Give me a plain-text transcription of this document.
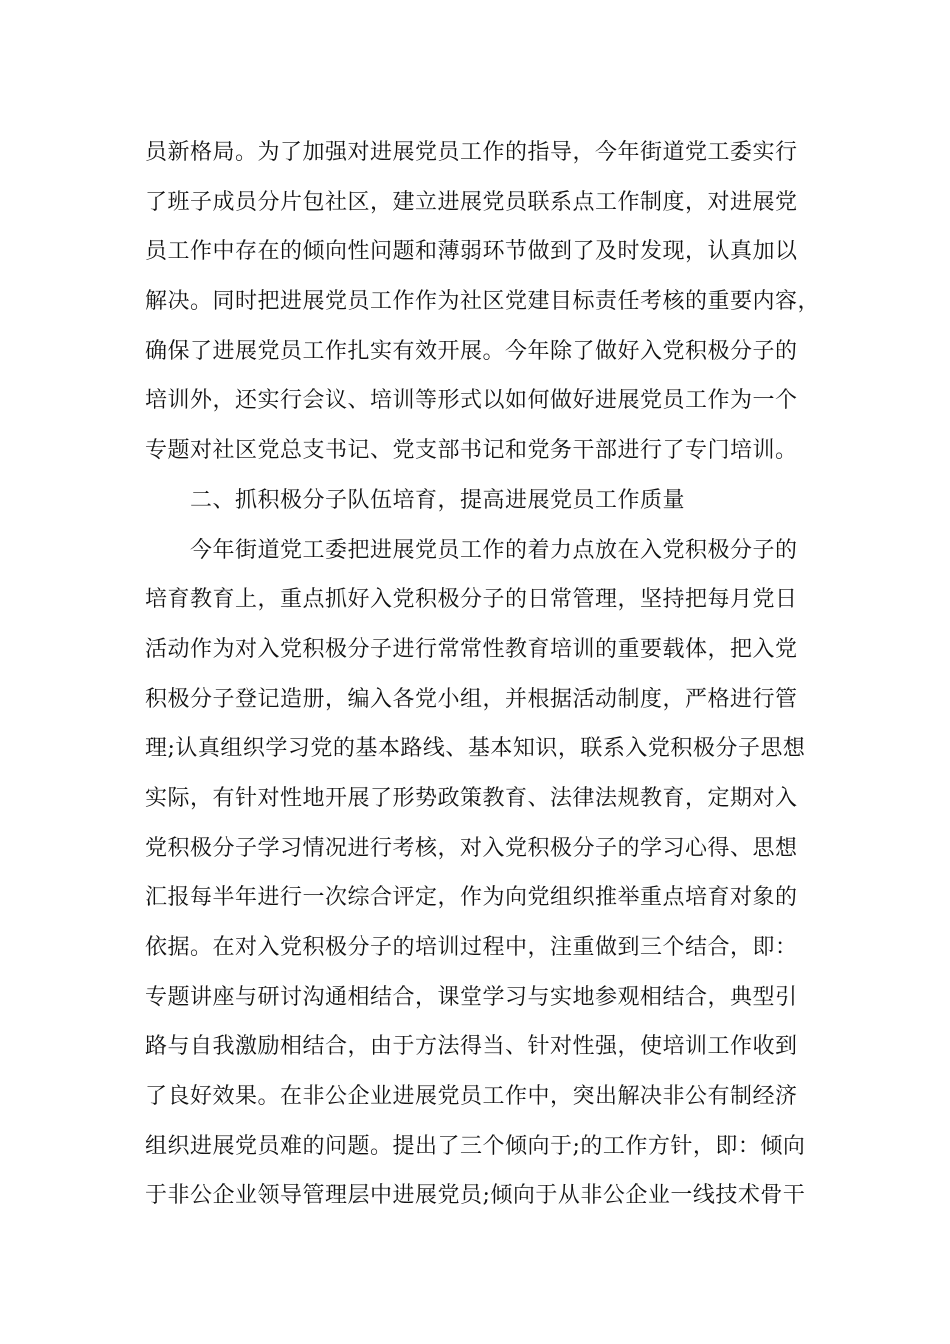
员新格局。为了加强对进展党员工作的指导，今年街道党工委实行
了班子成员分片包社区，建立进展党员联系点工作制度，对进展党
员工作中存在的倾向性问题和薄弱环节做到了及时发现，认真加以
解决。同时把进展党员工作作为社区党建目标责任考核的重要内容，
确保了进展党员工作扎实有效开展。今年除了做好入党积极分子的
培训外，还实行会议、培训等形式以如何做好进展党员工作为一个
专题对社区党总支书记、党支部书记和党务干部进行了专门培训。
二、抓积极分子队伍培育，提高进展党员工作质量
今年街道党工委把进展党员工作的着力点放在入党积极分子的
培育教育上，重点抓好入党积极分子的日常管理，坚持把每月党日
活动作为对入党积极分子进行常常性教育培训的重要载体，把入党
积极分子登记造册，编入各党小组，并根据活动制度，严格进行管
理;认真组织学习党的基本路线、基本知识，联系入党积极分子思想
实际，有针对性地开展了形势政策教育、法律法规教育，定期对入
党积极分子学习情况进行考核，对入党积极分子的学习心得、思想
汇报每半年进行一次综合评定，作为向党组织推举重点培育对象的
依据。在对入党积极分子的培训过程中，注重做到三个结合，即：
专题讲座与研讨沟通相结合，课堂学习与实地参观相结合，典型引
路与自我激励相结合，由于方法得当、针对性强，使培训工作收到
了良好效果。在非公企业进展党员工作中，突出解决非公有制经济
组织进展党员难的问题。提出了三个倾向于;的工作方针，即：倾向
于非公企业领导管理层中进展党员;倾向于从非公企业一线技术骨干
